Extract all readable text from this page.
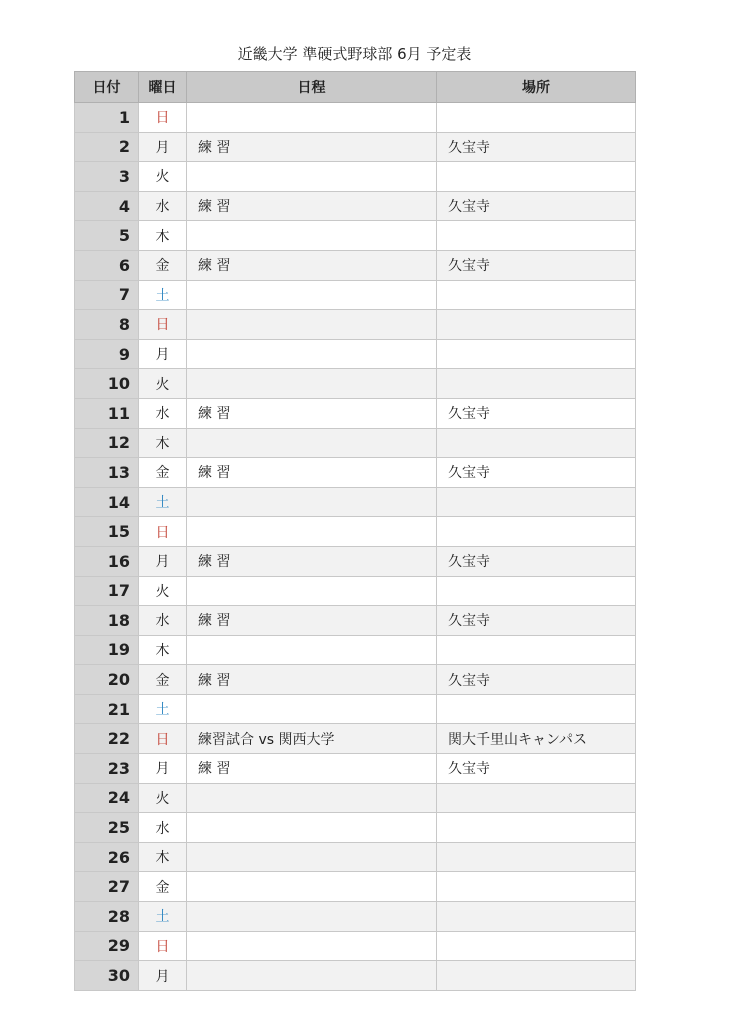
近畿大学 準硬式野球部 6月 予定表
日付	曜日	日程	場所
1	日		
2	月	練 習	久宝寺
3	火		
4	水	練 習	久宝寺
5	木		
6	金	練 習	久宝寺
7	土		
8	日		
9	月		
10	火		
11	水	練 習	久宝寺
12	木		
13	金	練 習	久宝寺
14	土		
15	日		
16	月	練 習	久宝寺
17	火		
18	水	練 習	久宝寺
19	木		
20	金	練 習	久宝寺
21	土		
22	日	練習試合 vs 関西大学	関大千里山キャンパス
23	月	練 習	久宝寺
24	火		
25	水		
26	木		
27	金		
28	土		
29	日		
30	月		
